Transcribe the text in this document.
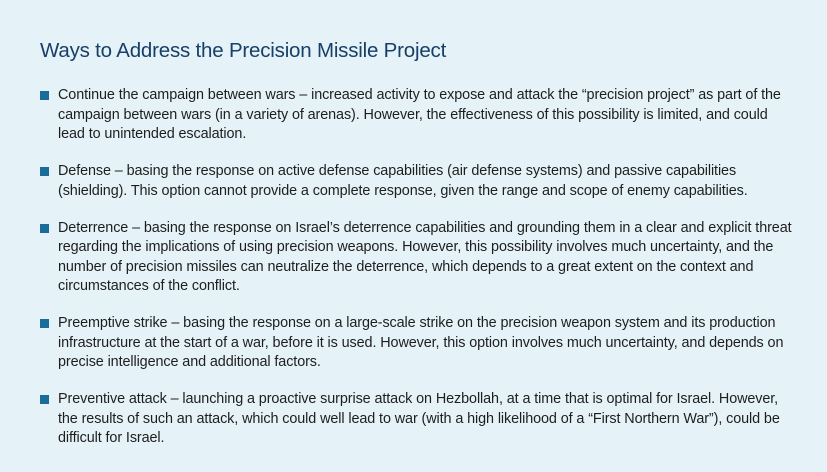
Ways to Address the Precision Missile Project
Continue the campaign between wars – increased activity to expose and attack the “precision project” as part of the campaign between wars (in a variety of arenas). However, the effectiveness of this possibility is limited, and could lead to unintended escalation.
Defense – basing the response on active defense capabilities (air defense systems) and passive capabilities (shielding). This option cannot provide a complete response, given the range and scope of enemy capabilities.
Deterrence – basing the response on Israel’s deterrence capabilities and grounding them in a clear and explicit threat regarding the implications of using precision weapons. However, this possibility involves much uncertainty, and the number of precision missiles can neutralize the deterrence, which depends to a great extent on the context and circumstances of the conflict.
Preemptive strike – basing the response on a large-scale strike on the precision weapon system and its production infrastructure at the start of a war, before it is used. However, this option involves much uncertainty, and depends on precise intelligence and additional factors.
Preventive attack – launching a proactive surprise attack on Hezbollah, at a time that is optimal for Israel. However, the results of such an attack, which could well lead to war (with a high likelihood of a “First Northern War”), could be difficult for Israel.
